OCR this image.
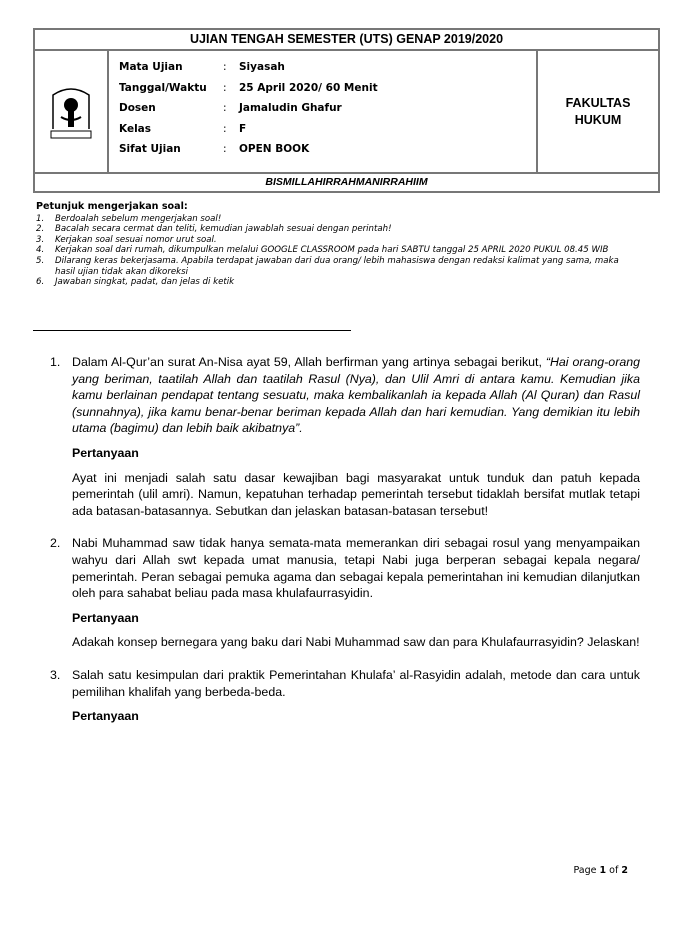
UJIAN TENGAH SEMESTER (UTS) GENAP 2019/2020
Mata Ujian	:	Siyasah
Tanggal/Waktu	:	25 April 2020/ 60 Menit
Dosen	:	Jamaludin Ghafur
Kelas	:	F
Sifat Ujian	:	OPEN BOOK
FAKULTAS
HUKUM
BISMILLAHIRRAHMANIRRAHIIM
Petunjuk mengerjakan soal:
1.	Berdoalah sebelum mengerjakan soal!
2.	Bacalah secara cermat dan teliti, kemudian jawablah sesuai dengan perintah!
3.	Kerjakan soal sesuai nomor urut soal.
4.	Kerjakan soal dari rumah, dikumpulkan melalui GOOGLE CLASSROOM pada hari SABTU tanggal 25 APRIL 2020 PUKUL 08.45 WIB
5.	Dilarang keras bekerjasama. Apabila terdapat jawaban dari dua orang/ lebih mahasiswa dengan redaksi kalimat yang sama, maka hasil ujian tidak akan dikoreksi
6.	Jawaban singkat, padat, dan jelas di ketik
1. Dalam Al-Qur’an surat An-Nisa ayat 59, Allah berfirman yang artinya sebagai berikut, “Hai orang-orang yang beriman, taatilah Allah dan taatilah Rasul (Nya), dan Ulil Amri di antara kamu. Kemudian jika kamu berlainan pendapat tentang sesuatu, maka kembalikanlah ia kepada Allah (Al Quran) dan Rasul (sunnahnya), jika kamu benar-benar beriman kepada Allah dan hari kemudian. Yang demikian itu lebih utama (bagimu) dan lebih baik akibatnya”.

Pertanyaan

Ayat ini menjadi salah satu dasar kewajiban bagi masyarakat untuk tunduk dan patuh kepada pemerintah (ulil amri). Namun, kepatuhan terhadap pemerintah tersebut tidaklah bersifat mutlak tetapi ada batasan-batasannya. Sebutkan dan jelaskan batasan-batasan tersebut!

2. Nabi Muhammad saw tidak hanya semata-mata memerankan diri sebagai rosul yang menyampaikan wahyu dari Allah swt kepada umat manusia, tetapi Nabi juga berperan sebagai kepala negara/ pemerintah. Peran sebagai pemuka agama dan sebagai kepala pemerintahan ini kemudian dilanjutkan oleh para sahabat beliau pada masa khulafaurrasyidin.

Pertanyaan

Adakah konsep bernegara yang baku dari Nabi Muhammad saw dan para Khulafaurrasyidin? Jelaskan!

3. Salah satu kesimpulan dari praktik Pemerintahan Khulafa’ al-Rasyidin adalah, metode dan cara untuk pemilihan khalifah yang berbeda-beda.

Pertanyaan

Page 1 of 2
